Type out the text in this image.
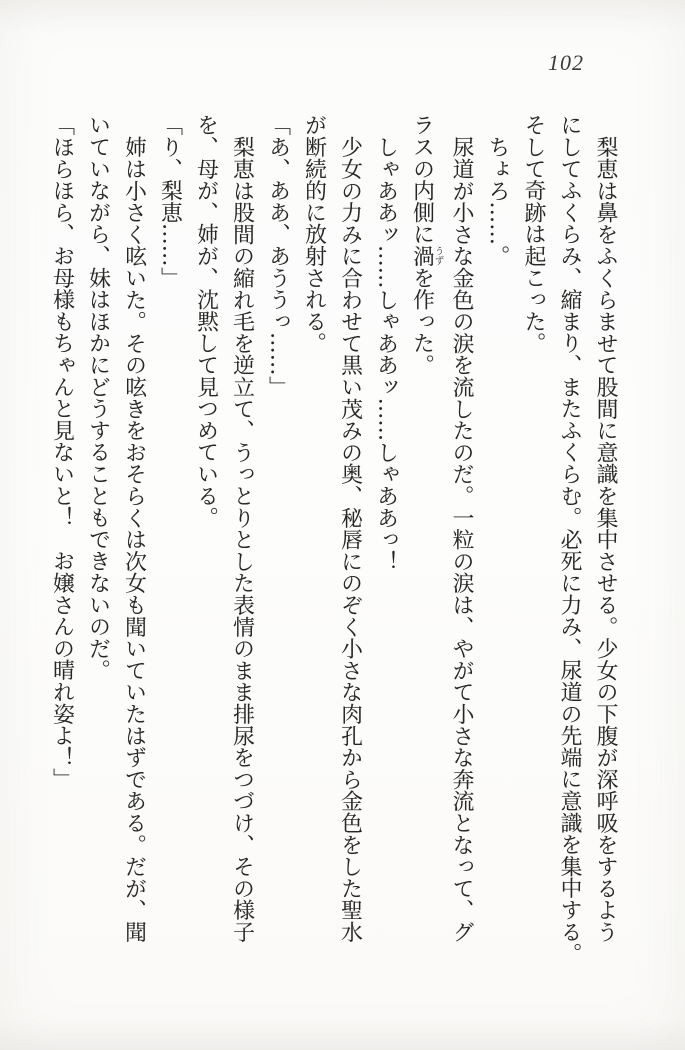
102
梨恵は鼻をふくらませて股間に意識を集中させる。少女の下腹が深呼吸をするよう
にしてふくらみ、縮まり、またふくらむ。必死に力み、尿道の先端に意識を集中する。
そして奇跡は起こった。
ちょろ……。
尿道が小さな金色の涙を流したのだ。一粒の涙は、やがて小さな奔流となって、グ
ラスの内側に渦うずを作った。
しゃああッ……しゃああッ……しゃああっ！
少女の力みに合わせて黒い茂みの奥、秘唇にのぞく小さな肉孔から金色をした聖水
が断続的に放射される。
「あ、ああ、あううっ……」
梨恵は股間の縮れ毛を逆立て、うっとりとした表情のまま排尿をつづけ、その様子
を、母が、姉が、沈黙して見つめている。
「り、梨恵……」
姉は小さく呟いた。その呟きをおそらくは次女も聞いていたはずである。だが、聞
いていながら、妹はほかにどうすることもできないのだ。
「ほらほら、お母様もちゃんと見ないと！　お嬢さんの晴れ姿よ！」
